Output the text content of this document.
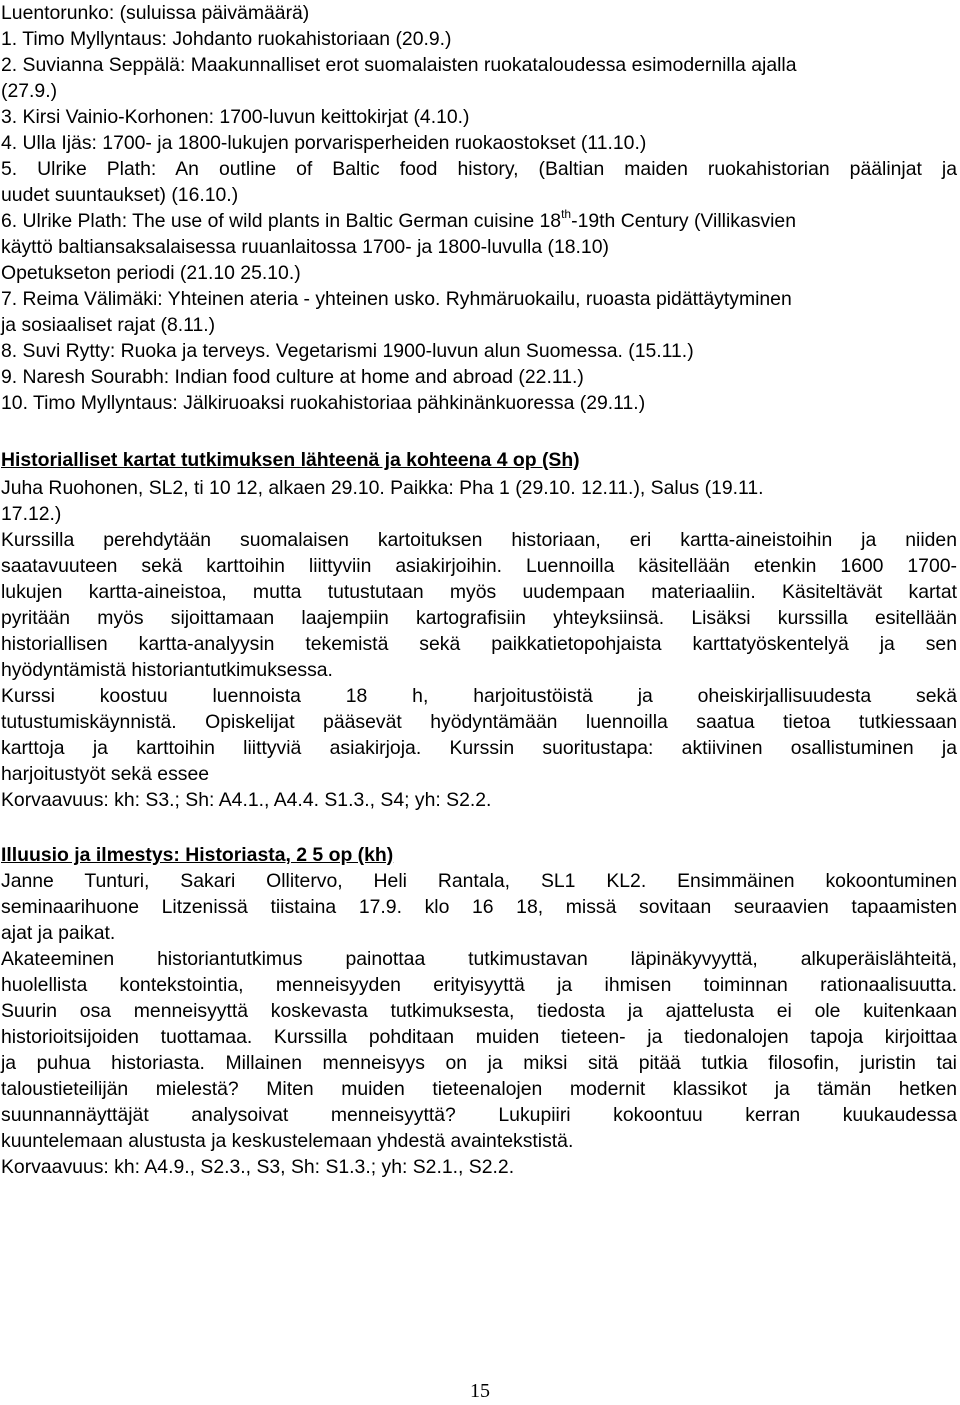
Luentorunko: (suluissa päivämäärä)
1. Timo Myllyntaus: Johdanto ruokahistoriaan (20.9.)
2. Suvianna Seppälä: Maakunnalliset erot suomalaisten ruokataloudessa esimodernilla ajalla
(27.9.)
3. Kirsi Vainio-Korhonen: 1700-luvun keittokirjat (4.10.)
4. Ulla Ijäs: 1700- ja 1800-lukujen porvarisperheiden ruokaostokset (11.10.)
5. Ulrike Plath: An outline of Baltic food history, (Baltian maiden ruokahistorian päälinjat ja
uudet suuntaukset) (16.10.)
6. Ulrike Plath: The use of wild plants in Baltic German cuisine 18th-19th Century (Villikasvien
käyttö baltiansaksalaisessa ruuanlaitossa 1700- ja 1800-luvulla (18.10)
Opetukseton periodi (21.10 25.10.)
7. Reima Välimäki: Yhteinen ateria - yhteinen usko. Ryhmäruokailu, ruoasta pidättäytyminen
ja sosiaaliset rajat (8.11.)
8. Suvi Rytty: Ruoka ja terveys. Vegetarismi 1900-luvun alun Suomessa. (15.11.)
9. Naresh Sourabh: Indian food culture at home and abroad (22.11.)
10. Timo Myllyntaus: Jälkiruoaksi ruokahistoriaa pähkinänkuoressa (29.11.)
Historialliset kartat tutkimuksen lähteenä ja kohteena 4 op (Sh)
Juha Ruohonen, SL2, ti 10 12, alkaen 29.10. Paikka: Pha 1 (29.10. 12.11.), Salus (19.11.
17.12.)
Kurssilla perehdytään suomalaisen kartoituksen historiaan, eri kartta-aineistoihin ja niiden
saatavuuteen sekä karttoihin liittyviin asiakirjoihin. Luennoilla käsitellään etenkin 1600 1700-
lukujen kartta-aineistoa, mutta tutustutaan myös uudempaan materiaaliin. Käsiteltävät kartat
pyritään myös sijoittamaan laajempiin kartografisiin yhteyksiinsä. Lisäksi kurssilla esitellään
historiallisen kartta-analyysin tekemistä sekä paikkatietopohjaista karttatyöskentelyä ja sen
hyödyntämistä historiantutkimuksessa.
Kurssi koostuu luennoista 18 h, harjoitustöistä ja oheiskirjallisuudesta sekä
tutustumiskäynnistä. Opiskelijat pääsevät hyödyntämään luennoilla saatua tietoa tutkiessaan
karttoja ja karttoihin liittyviä asiakirjoja. Kurssin suoritustapa: aktiivinen osallistuminen ja
harjoitustyöt sekä essee
Korvaavuus: kh: S3.; Sh: A4.1., A4.4. S1.3., S4; yh: S2.2.
Illuusio ja ilmestys: Historiasta, 2 5 op (kh)
Janne Tunturi, Sakari Ollitervo, Heli Rantala, SL1 KL2. Ensimmäinen kokoontuminen
seminaarihuone Litzenissä tiistaina 17.9. klo 16 18, missä sovitaan seuraavien tapaamisten
ajat ja paikat.
Akateeminen historiantutkimus painottaa tutkimustavan läpinäkyvyyttä, alkuperäislähteitä,
huolellista kontekstointia, menneisyyden erityisyyttä ja ihmisen toiminnan rationaalisuutta.
Suurin osa menneisyyttä koskevasta tutkimuksesta, tiedosta ja ajattelusta ei ole kuitenkaan
historioitsijoiden tuottamaa. Kurssilla pohditaan muiden tieteen- ja tiedonalojen tapoja kirjoittaa
ja puhua historiasta. Millainen menneisyys on ja miksi sitä pitää tutkia filosofin, juristin tai
taloustieteilijän mielestä? Miten muiden tieteenalojen modernit klassikot ja tämän hetken
suunnannäyttäjät analysoivat menneisyyttä? Lukupiiri kokoontuu kerran kuukaudessa
kuuntelemaan alustusta ja keskustelemaan yhdestä avaintekstistä.
Korvaavuus: kh: A4.9., S2.3., S3, Sh: S1.3.; yh: S2.1., S2.2.
15
